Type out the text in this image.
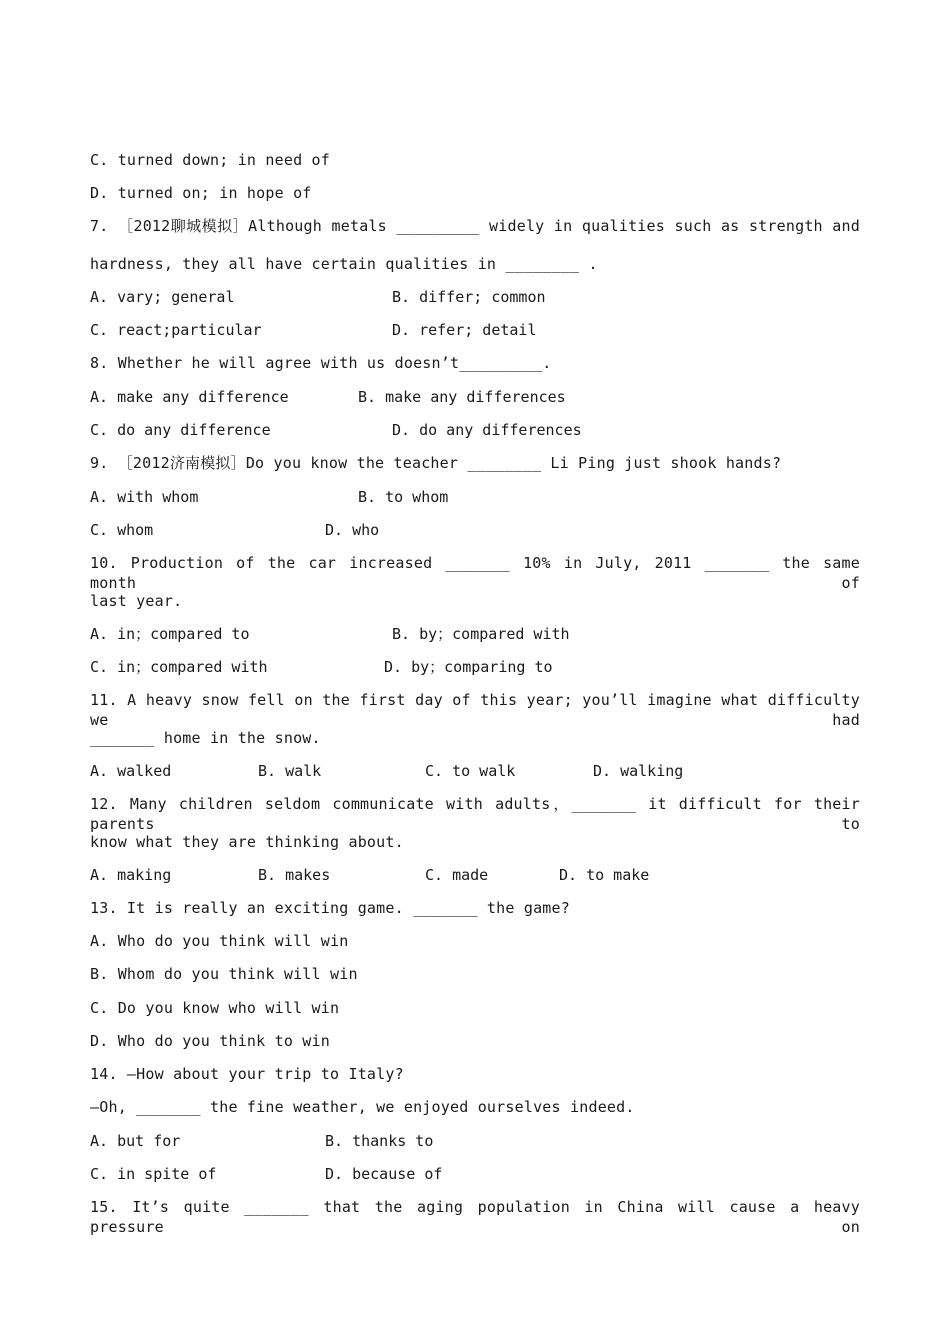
C. turned down; in need of
D. turned on; in hope of
7. ［2012聊城模拟］Although metals _________ widely in qualities such as strength and
hardness, they all have certain qualities in ________ .
A. vary; general	B. differ; common
C. react;particular	D. refer; detail
8. Whether he will agree with us doesn’t_________.
A. make any difference	B. make any differences
C. do any difference	D. do any differences
9. ［2012济南模拟］Do you know the teacher ________ Li Ping just shook hands?
A. with whom	B. to whom
C. whom	D. who
10. Production of the car increased _______ 10% in July, 2011 _______ the same month of
last year.
A. in；compared to	B. by；compared with
C. in；compared with	D. by；comparing to
11. A heavy snow fell on the first day of this year; you’ll imagine what difficulty we had
_______ home in the snow.
A. walked	B. walk	C. to walk	D. walking
12. Many children seldom communicate with adults，_______ it difficult for their parents to
know what they are thinking about.
A. making	B. makes	C. made	D. to make
13. It is really an exciting game. _______ the game?
A. Who do you think will win
B. Whom do you think will win
C. Do you know who will win
D. Who do you think to win
14. —How about your trip to Italy?
—Oh, _______ the fine weather, we enjoyed ourselves indeed.
A. but for	B. thanks to
C. in spite of	D. because of
15. It’s quite _______ that the aging population in China will cause a heavy pressure on
